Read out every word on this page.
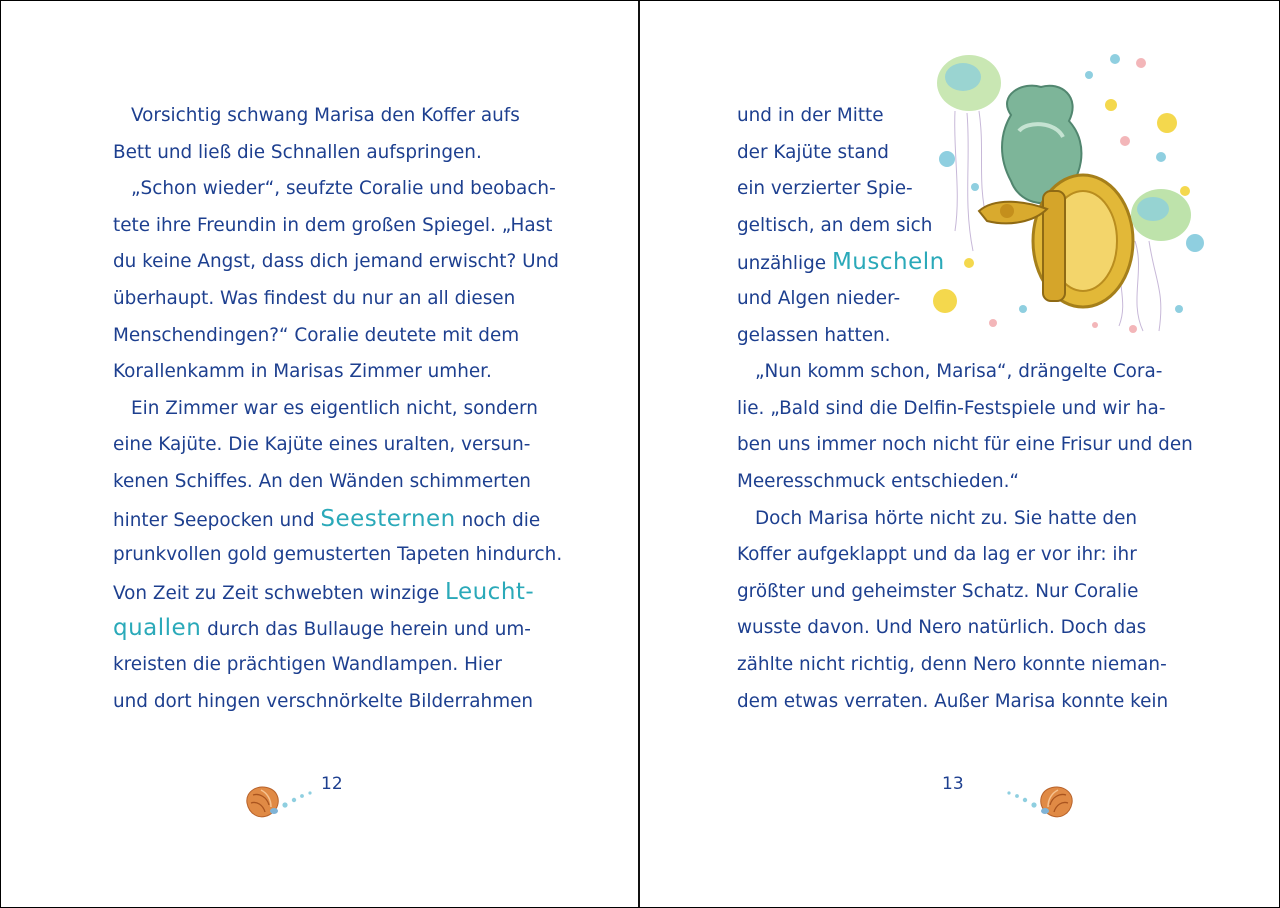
Vorsichtig schwang Marisa den Koffer aufs
Bett und ließ die Schnallen aufspringen.
„Schon wieder“, seufzte Coralie und beobach-
tete ihre Freundin in dem großen Spiegel. „Hast
du keine Angst, dass dich jemand erwischt? Und
überhaupt. Was findest du nur an all diesen
Menschendingen?“ Coralie deutete mit dem
Korallenkamm in Marisas Zimmer umher.
Ein Zimmer war es eigentlich nicht, sondern
eine Kajüte. Die Kajüte eines uralten, versun-
kenen Schiffes. An den Wänden schimmerten
hinter Seepocken und Seesternen noch die
prunkvollen gold gemusterten Tapeten hindurch.
Von Zeit zu Zeit schwebten winzige Leucht-
quallen durch das Bullauge herein und um-
kreisten die prächtigen Wandlampen. Hier
und dort hingen verschnörkelte Bilderrahmen
12
und in der Mitte
der Kajüte stand
ein verzierter Spie-
geltisch, an dem sich
unzählige Muscheln
und Algen nieder-
gelassen hatten.
„Nun komm schon, Marisa“, drängelte Cora-
lie. „Bald sind die Delfin-Festspiele und wir ha-
ben uns immer noch nicht für eine Frisur und den
Meeresschmuck entschieden.“
Doch Marisa hörte nicht zu. Sie hatte den
Koffer aufgeklappt und da lag er vor ihr: ihr
größter und geheimster Schatz. Nur Coralie
wusste davon. Und Nero natürlich. Doch das
zählte nicht richtig, denn Nero konnte nieman-
dem etwas verraten. Außer Marisa konnte kein
13
